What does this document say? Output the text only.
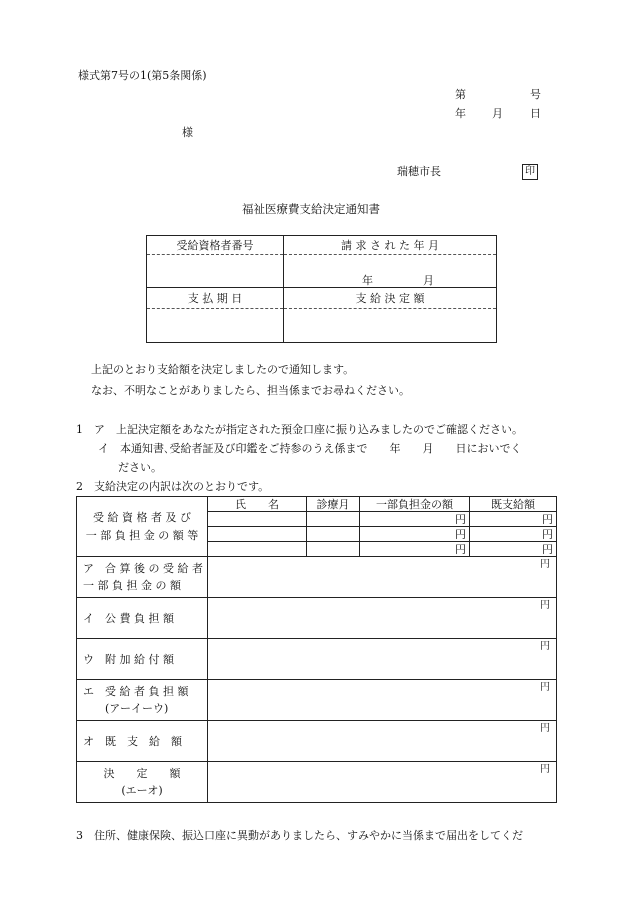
様式第7号の1(第5条関係)
第	号
年 月 日
様
瑞穂市長	印
福祉医療費支給決定通知書
受給資格者番号	請 求 さ れ た 年 月

	年 月

支 払 期 日	支 給 決 定 額

上記のとおり支給額を決定しましたので通知します。
なお、不明なことがありましたら、担当係までお尋ねください。
1　ア　上記決定額をあなたが指定された預金口座に振り込みましたのでご確認ください。
イ　本通知書､受給者証及び印鑑をご持参のうえ係まで　　年　　月　　日においでく
ださい。
2　支給決定の内訳は次のとおりです。
受 給 資 格 者 及 び
一 部 負 担 金 の 額 等	氏　　名	診療月	一部負担金の額	既支給額
			円	円
			円	円
			円	円

ア　合 算 後 の 受 給 者
一 部 負 担 金 の 額	円			

イ　公 費 負 担 額	円			

ウ　附 加 給 付 額	円			

エ　受 給 者 負 担 額
(アーイーウ)	円			

オ　既　支　給　額	円			

決　　定　　額
(エーオ)	円			
3　住所、健康保険、振込口座に異動がありましたら、すみやかに当係まで届出をしてくだ
